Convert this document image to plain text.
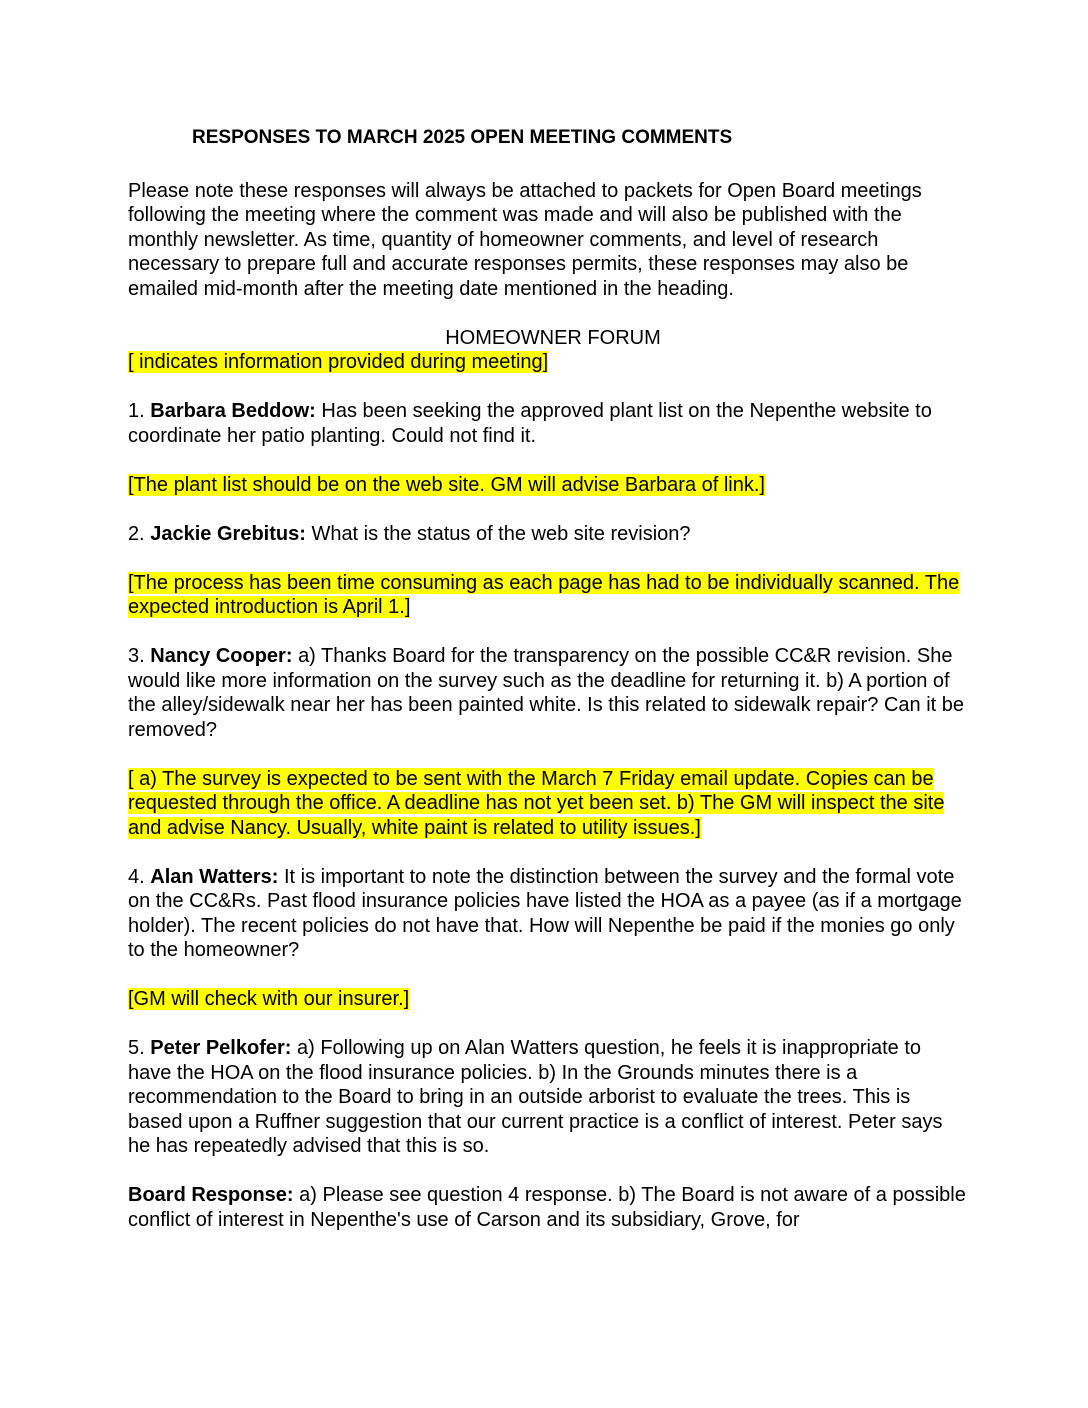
RESPONSES TO MARCH 2025 OPEN MEETING COMMENTS

Please note these responses will always be attached to packets for Open Board meetings following the meeting where the comment was made and will also be published with the monthly newsletter. As time, quantity of homeowner comments, and level of research necessary to prepare full and accurate responses permits, these responses may also be emailed mid-month after the meeting date mentioned in the heading.

HOMEOWNER FORUM
[ indicates information provided during meeting]

1. Barbara Beddow: Has been seeking the approved plant list on the Nepenthe website to coordinate her patio planting. Could not find it.

[The plant list should be on the web site. GM will advise Barbara of link.]

2. Jackie Grebitus: What is the status of the web site revision?

[The process has been time consuming as each page has had to be individually scanned. The expected introduction is April 1.]

3. Nancy Cooper: a) Thanks Board for the transparency on the possible CC&R revision. She would like more information on the survey such as the deadline for returning it. b) A portion of the alley/sidewalk near her has been painted white. Is this related to sidewalk repair? Can it be removed?

[ a) The survey is expected to be sent with the March 7 Friday email update. Copies can be requested through the office. A deadline has not yet been set. b) The GM will inspect the site and advise Nancy. Usually, white paint is related to utility issues.]

4. Alan Watters: It is important to note the distinction between the survey and the formal vote on the CC&Rs. Past flood insurance policies have listed the HOA as a payee (as if a mortgage holder). The recent policies do not have that. How will Nepenthe be paid if the monies go only to the homeowner?

[GM will check with our insurer.]

5. Peter Pelkofer: a) Following up on Alan Watters question, he feels it is inappropriate to have the HOA on the flood insurance policies. b) In the Grounds minutes there is a recommendation to the Board to bring in an outside arborist to evaluate the trees. This is based upon a Ruffner suggestion that our current practice is a conflict of interest. Peter says he has repeatedly advised that this is so.

Board Response: a) Please see question 4 response. b) The Board is not aware of a possible conflict of interest in Nepenthe's use of Carson and its subsidiary, Grove, for
